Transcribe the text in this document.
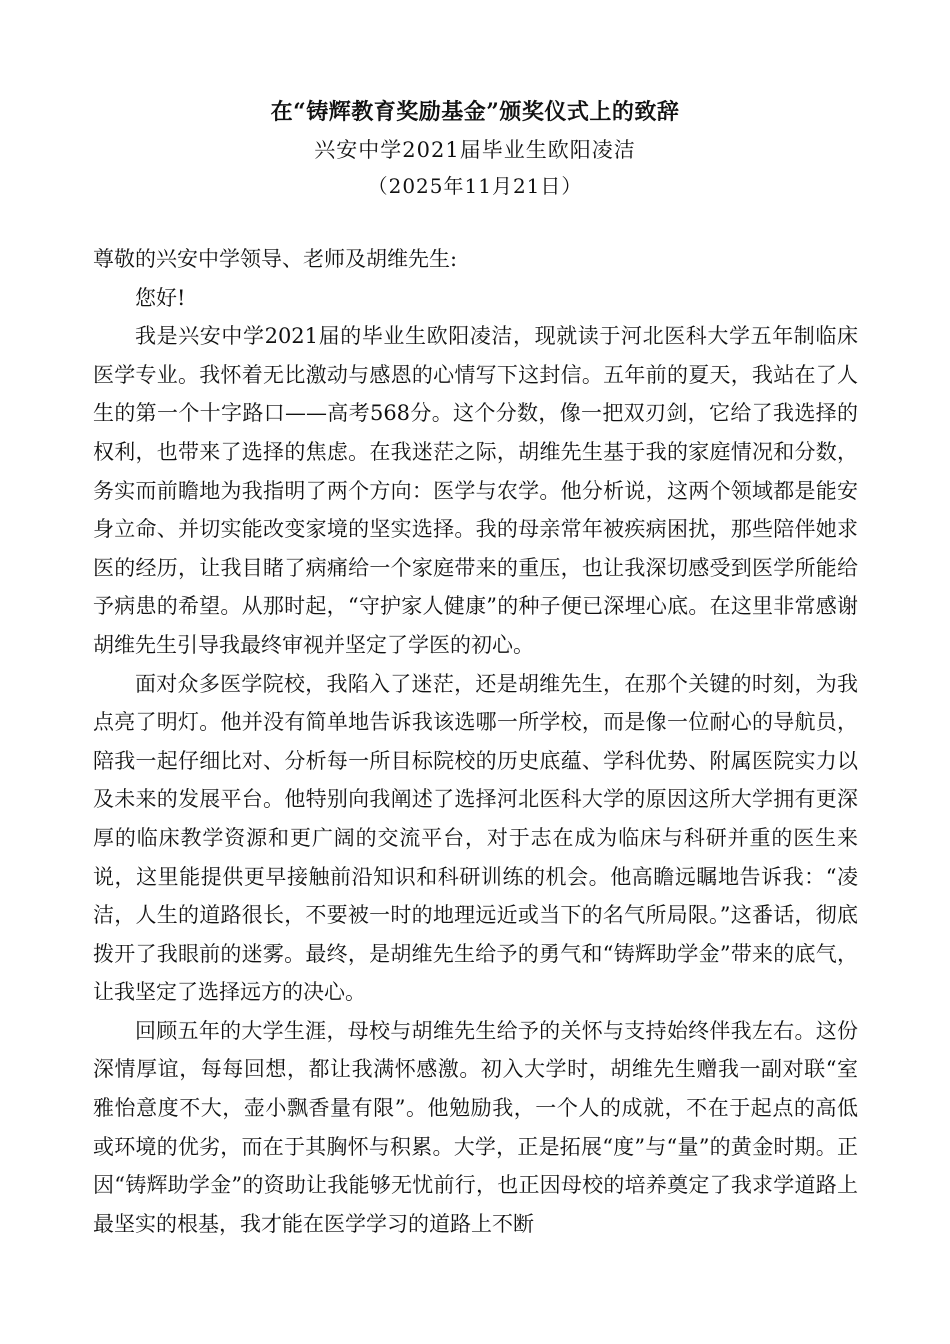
在“铸辉教育奖励基金”颁奖仪式上的致辞
兴安中学2021届毕业生欧阳凌洁
（2025年11月21日）

尊敬的兴安中学领导、老师及胡维先生:

您好!

我是兴安中学2021届的毕业生欧阳凌洁，现就读于河北医科大学五年制临床医学专业。我怀着无比激动与感恩的心情写下这封信。五年前的夏天，我站在了人生的第一个十字路口——高考568分。这个分数，像一把双刃剑，它给了我选择的权利，也带来了选择的焦虑。在我迷茫之际，胡维先生基于我的家庭情况和分数，务实而前瞻地为我指明了两个方向：医学与农学。他分析说，这两个领域都是能安身立命、并切实能改变家境的坚实选择。我的母亲常年被疾病困扰，那些陪伴她求医的经历，让我目睹了病痛给一个家庭带来的重压，也让我深切感受到医学所能给予病患的希望。从那时起，“守护家人健康”的种子便已深埋心底。在这里非常感谢胡维先生引导我最终审视并坚定了学医的初心。

面对众多医学院校，我陷入了迷茫，还是胡维先生，在那个关键的时刻，为我点亮了明灯。他并没有简单地告诉我该选哪一所学校，而是像一位耐心的导航员，陪我一起仔细比对、分析每一所目标院校的历史底蕴、学科优势、附属医院实力以及未来的发展平台。他特别向我阐述了选择河北医科大学的原因这所大学拥有更深厚的临床教学资源和更广阔的交流平台，对于志在成为临床与科研并重的医生来说，这里能提供更早接触前沿知识和科研训练的机会。他高瞻远瞩地告诉我：“凌洁，人生的道路很长，不要被一时的地理远近或当下的名气所局限。”这番话，彻底拨开了我眼前的迷雾。最终，是胡维先生给予的勇气和“铸辉助学金”带来的底气，让我坚定了选择远方的决心。

回顾五年的大学生涯，母校与胡维先生给予的关怀与支持始终伴我左右。这份深情厚谊，每每回想，都让我满怀感激。初入大学时，胡维先生赠我一副对联“室雅怡意度不大，壶小飘香量有限”。他勉励我，一个人的成就，不在于起点的高低或环境的优劣，而在于其胸怀与积累。大学，正是拓展“度”与“量”的黄金时期。正因“铸辉助学金”的资助让我能够无忧前行，也正因母校的培养奠定了我求学道路上最坚实的根基，我才能在医学学习的道路上不断
